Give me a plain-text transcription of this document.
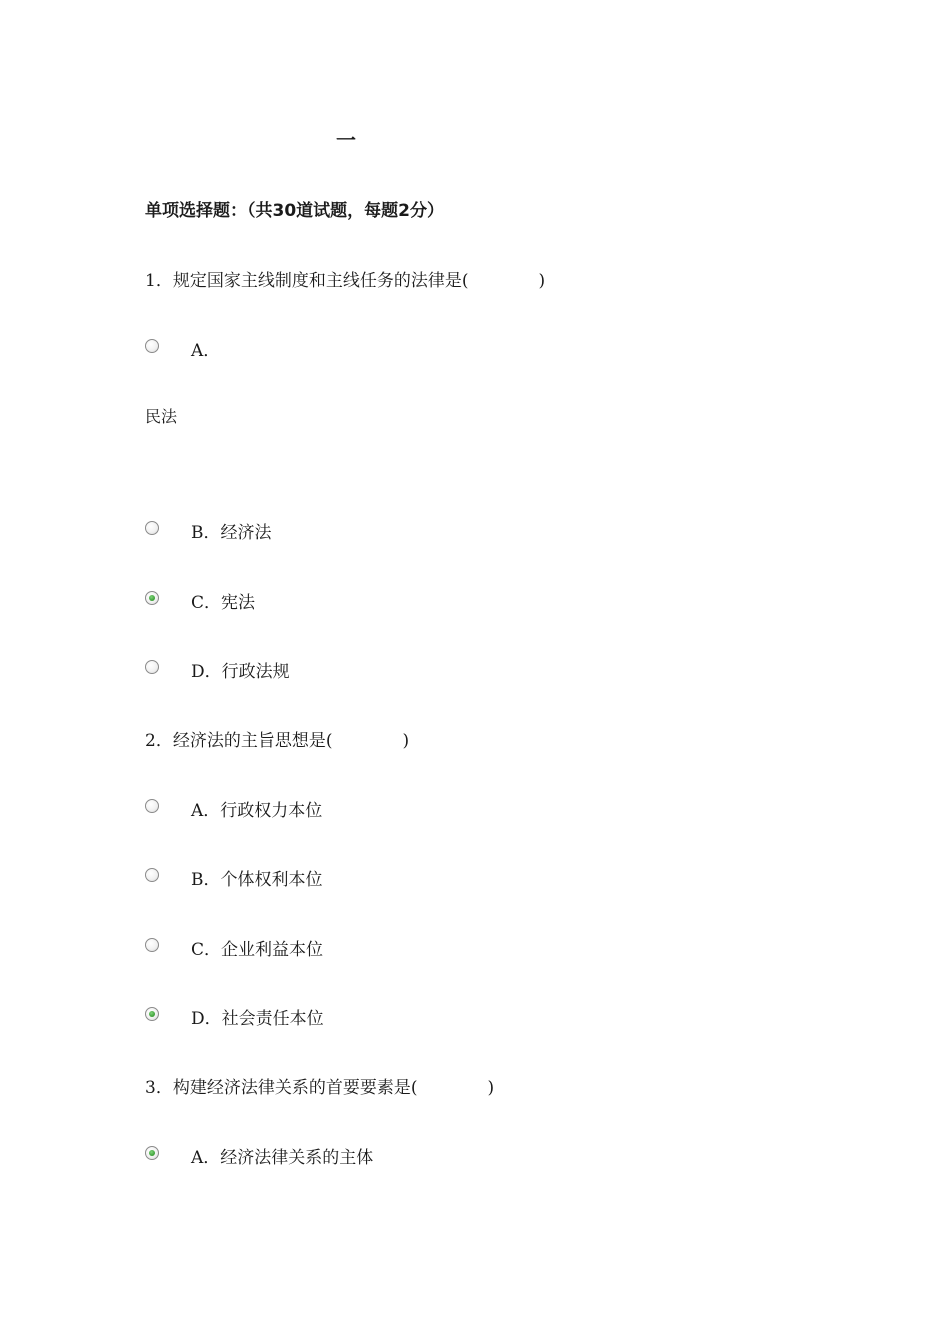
一
单项选择题：（共30道试题，每题2分）
1．规定国家主线制度和主线任务的法律是(	)
A．
民法
B．经济法
C．宪法
D．行政法规
2．经济法的主旨思想是(	)
A．行政权力本位
B．个体权利本位
C．企业利益本位
D．社会责任本位
3．构建经济法律关系的首要要素是(	)
A．经济法律关系的主体
